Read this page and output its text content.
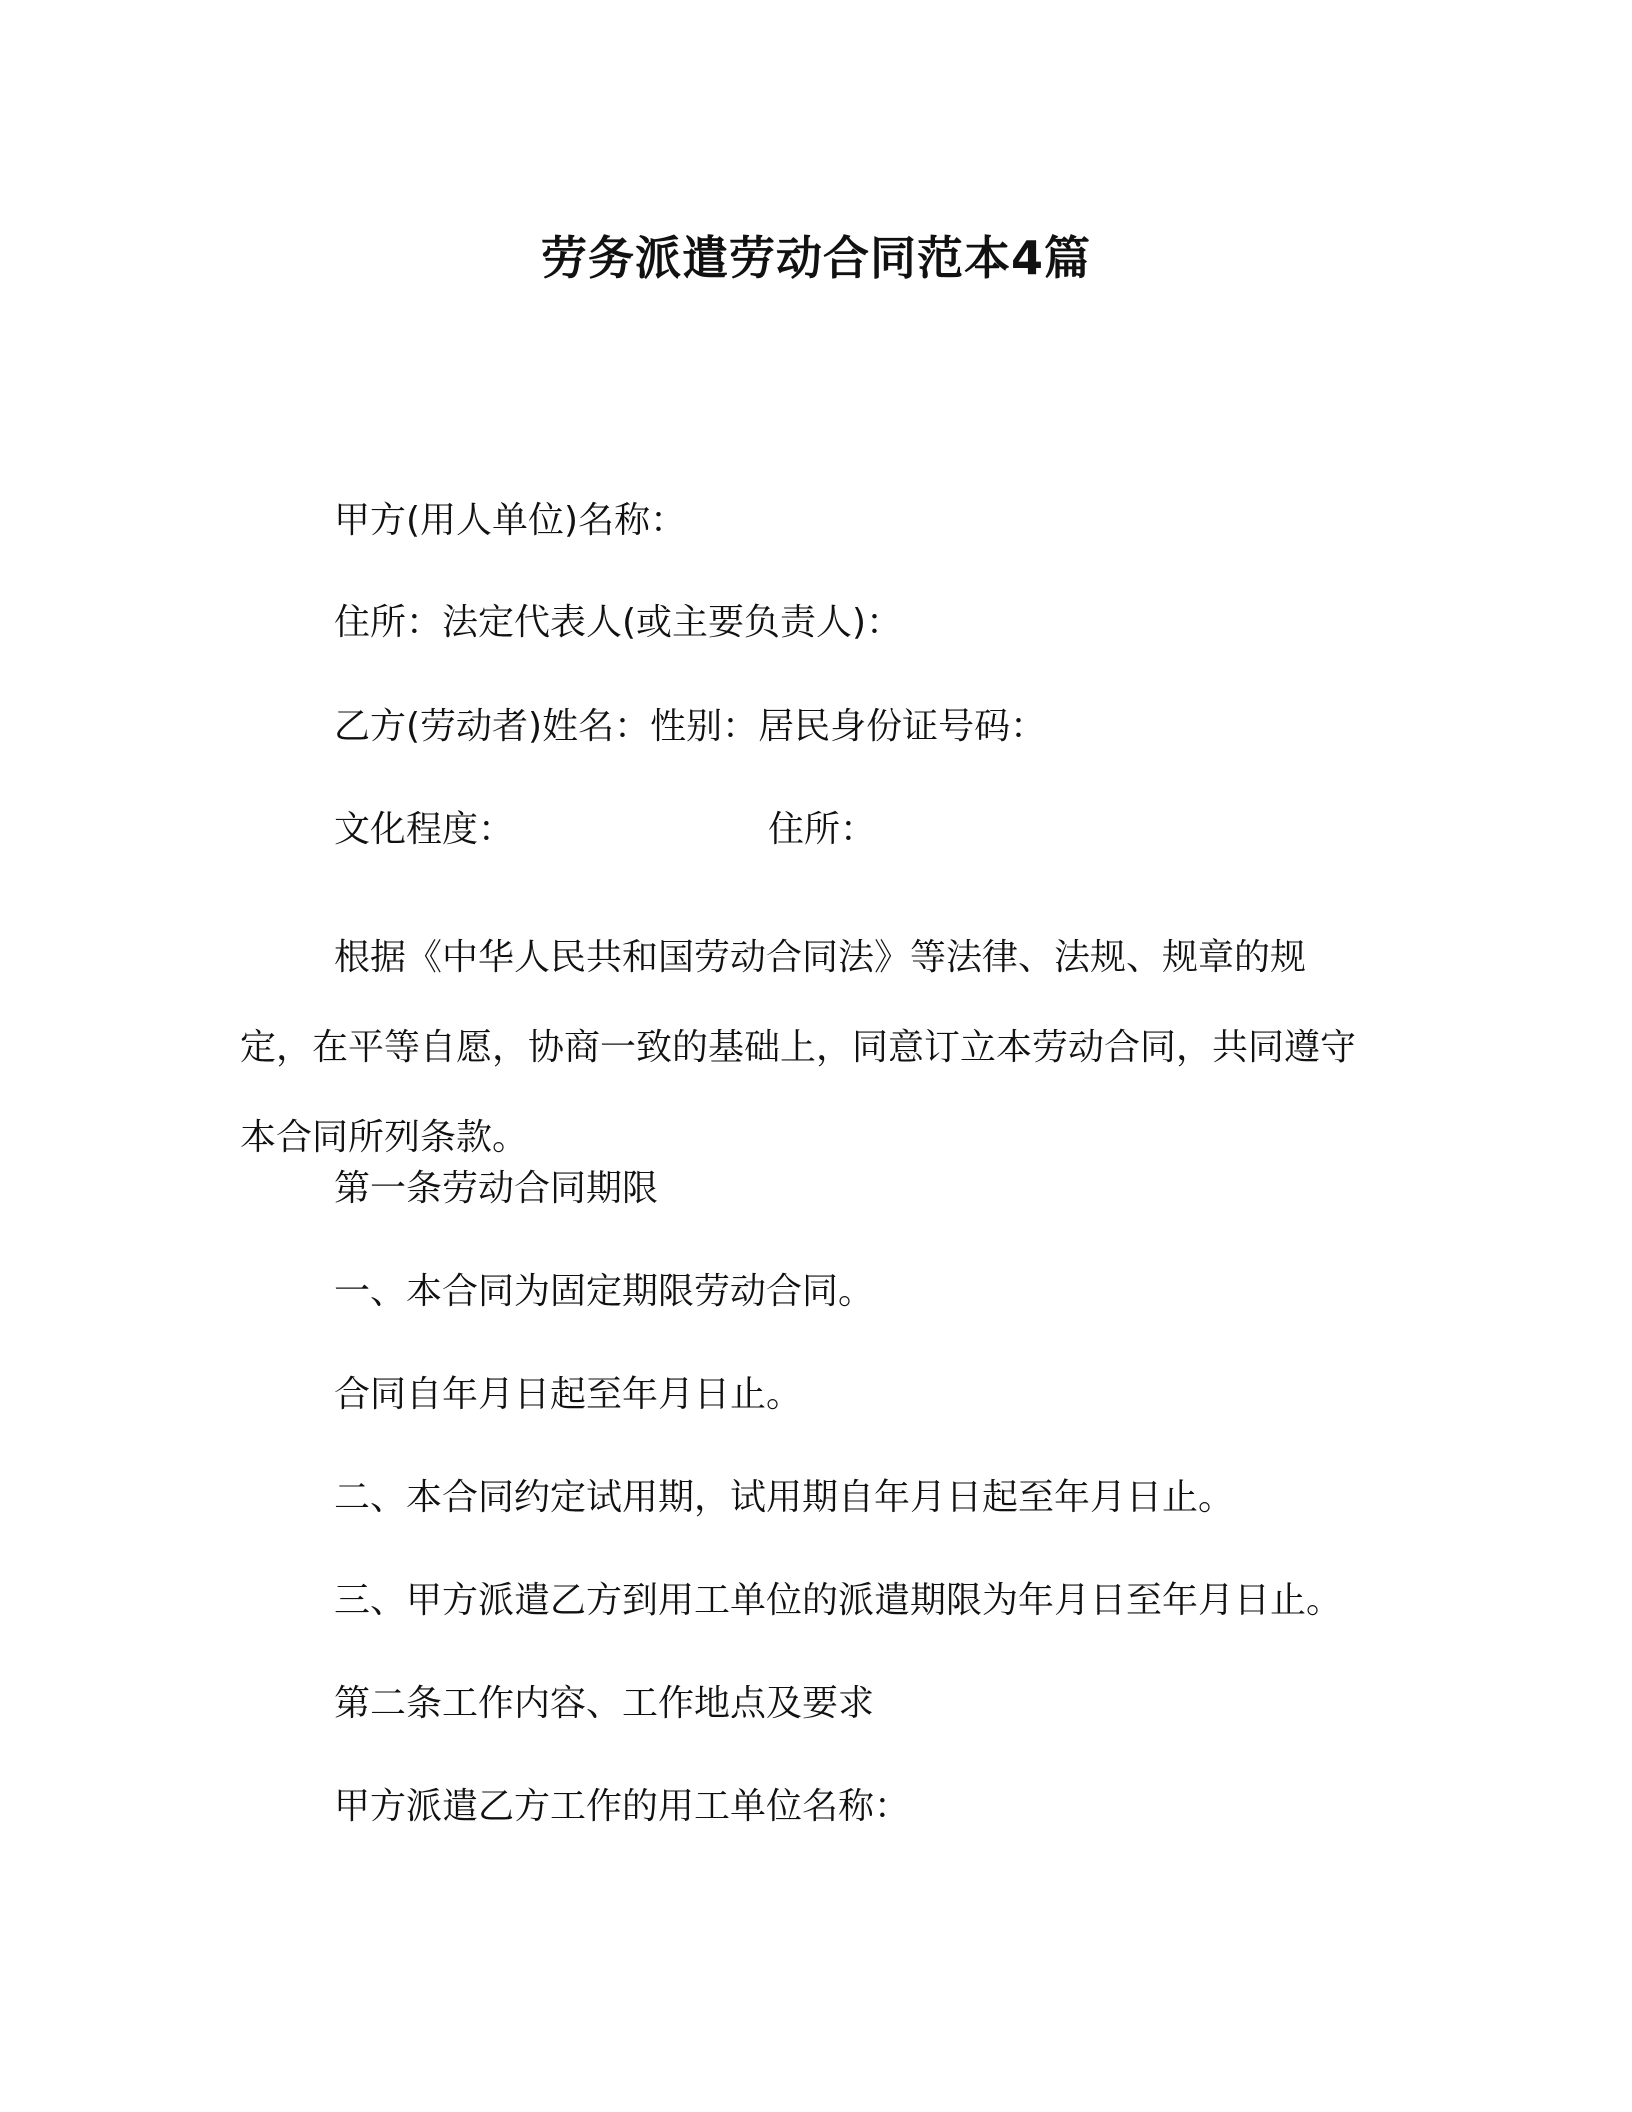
劳务派遣劳动合同范本4篇
甲方(用人单位)名称：
住所：法定代表人(或主要负责人)：
乙方(劳动者)姓名：性别：居民身份证号码：
文化程度：	住所：
根据《中华人民共和国劳动合同法》等法律、法规、规章的规定，在平等自愿，协商一致的基础上，同意订立本劳动合同，共同遵守本合同所列条款。
第一条劳动合同期限
一、本合同为固定期限劳动合同。
合同自年月日起至年月日止。
二、本合同约定试用期，试用期自年月日起至年月日止。
三、甲方派遣乙方到用工单位的派遣期限为年月日至年月日止。
第二条工作内容、工作地点及要求
甲方派遣乙方工作的用工单位名称：
